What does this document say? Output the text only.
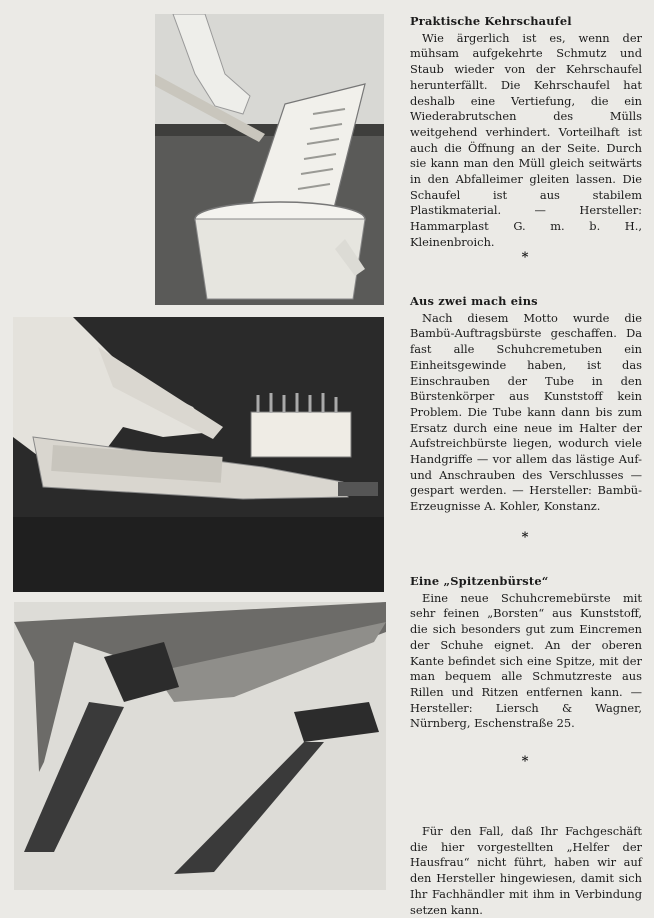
Praktische Kehrschaufel

Wie ärgerlich ist es, wenn der mühsam aufgekehrte Schmutz und Staub wieder von der Kehrschaufel herunterfällt. Die Kehrschaufel hat deshalb eine Vertiefung, die ein Wiederabrutschen des Mülls weitgehend verhindert. Vorteilhaft ist auch die Öffnung an der Seite. Durch sie kann man den Müll gleich seitwärts in den Abfalleimer gleiten lassen. Die Schaufel ist aus stabilem Plastikmaterial. — Hersteller: Hammarplast G. m. b. H., Kleinenbroich.

*
Aus zwei mach eins

Nach diesem Motto wurde die Bambü-Auftragsbürste geschaffen. Da fast alle Schuhcremetuben ein Einheitsgewinde haben, ist das Einschrauben der Tube in den Bürstenkörper aus Kunststoff kein Problem. Die Tube kann dann bis zum Ersatz durch eine neue im Halter der Aufstreichbürste liegen, wodurch viele Handgriffe — vor allem das lästige Auf- und Anschrauben des Verschlusses — gespart werden. — Hersteller: Bambü-Erzeugnisse A. Kohler, Konstanz.

*
Eine „Spitzenbürste“

Eine neue Schuhcremebürste mit sehr feinen „Borsten“ aus Kunststoff, die sich besonders gut zum Eincremen der Schuhe eignet. An der oberen Kante befindet sich eine Spitze, mit der man bequem alle Schmutzreste aus Rillen und Ritzen entfernen kann. — Hersteller: Liersch & Wagner, Nürnberg, Eschenstraße 25.

*

Für den Fall, daß Ihr Fachgeschäft die hier vorgestellten „Helfer der Hausfrau“ nicht führt, haben wir auf den Hersteller hingewiesen, damit sich Ihr Fachhändler mit ihm in Verbindung setzen kann.
